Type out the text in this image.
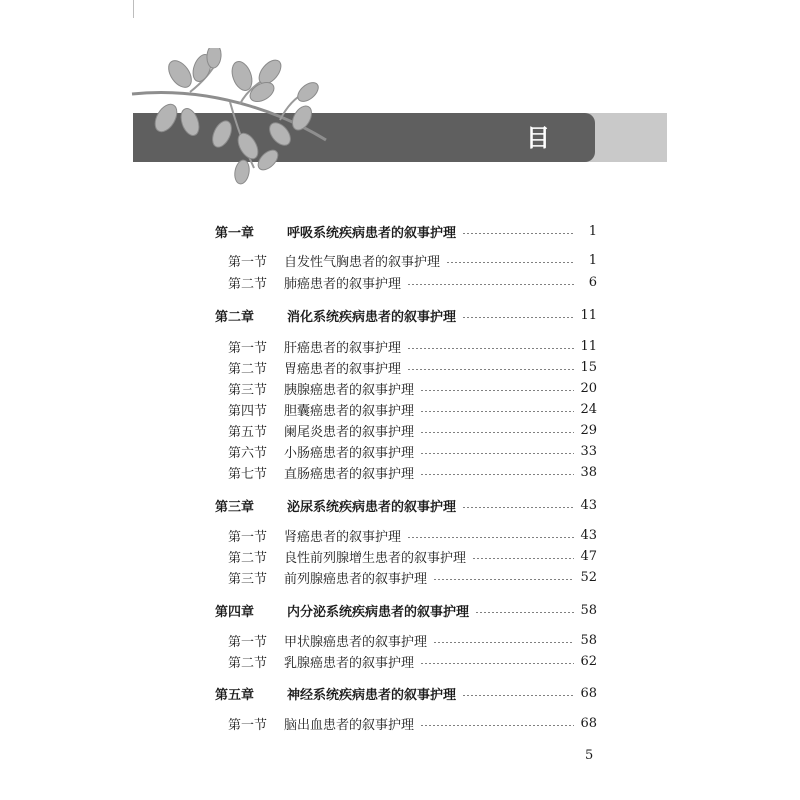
目 录
第一章	呼吸系统疾病患者的叙事护理	1
第一节	自发性气胸患者的叙事护理	1
第二节	肺癌患者的叙事护理	6
第二章	消化系统疾病患者的叙事护理	11
第一节	肝癌患者的叙事护理	11
第二节	胃癌患者的叙事护理	15
第三节	胰腺癌患者的叙事护理	20
第四节	胆囊癌患者的叙事护理	24
第五节	阑尾炎患者的叙事护理	29
第六节	小肠癌患者的叙事护理	33
第七节	直肠癌患者的叙事护理	38
第三章	泌尿系统疾病患者的叙事护理	43
第一节	肾癌患者的叙事护理	43
第二节	良性前列腺增生患者的叙事护理	47
第三节	前列腺癌患者的叙事护理	52
第四章	内分泌系统疾病患者的叙事护理	58
第一节	甲状腺癌患者的叙事护理	58
第二节	乳腺癌患者的叙事护理	62
第五章	神经系统疾病患者的叙事护理	68
第一节	脑出血患者的叙事护理	68
5
